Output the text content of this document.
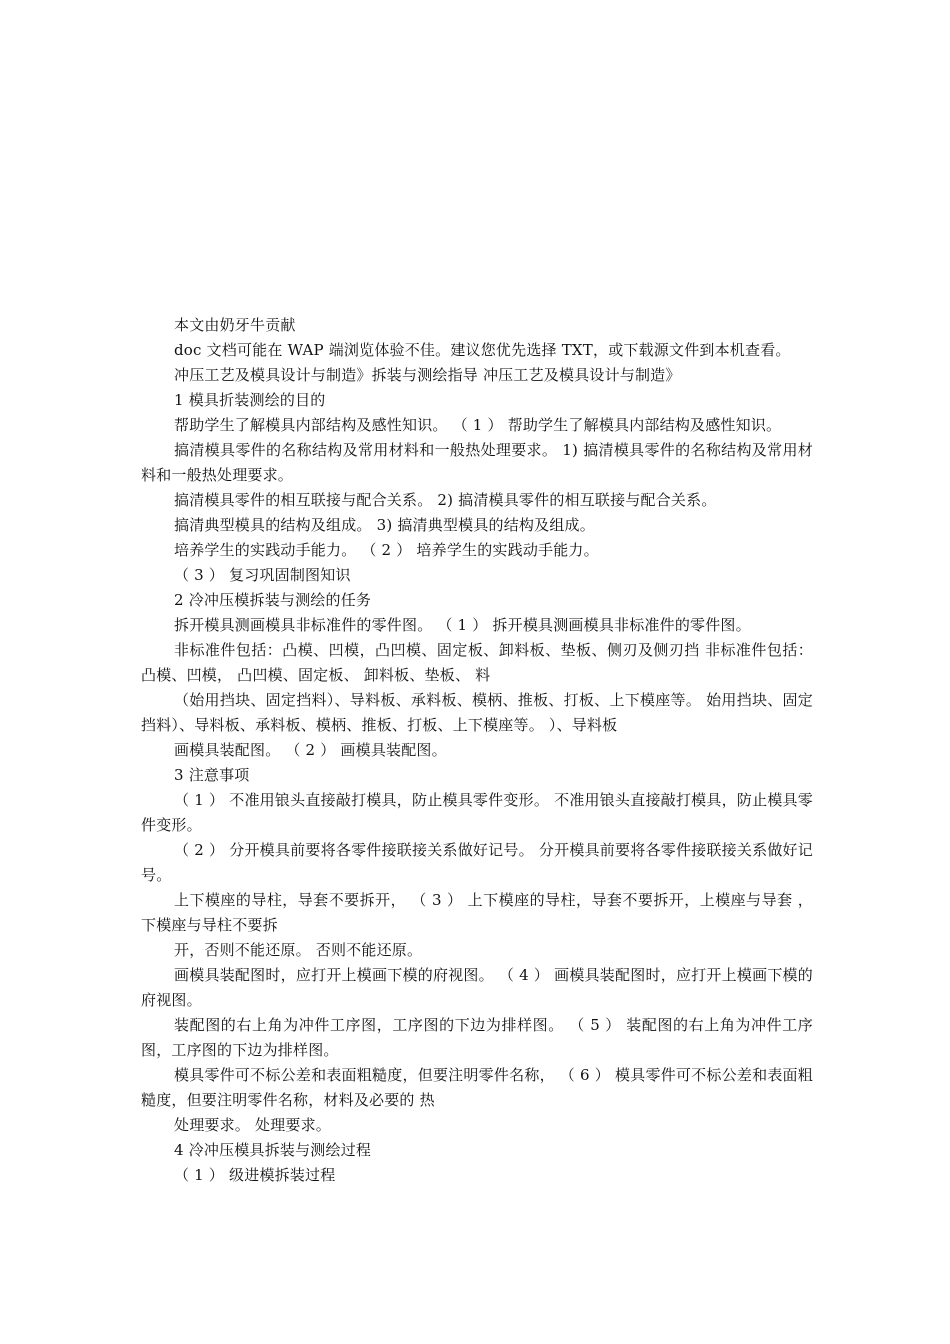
本文由奶牙牛贡献

doc 文档可能在 WAP 端浏览体验不佳。建议您优先选择 TXT，或下载源文件到本机查看。

冲压工艺及模具设计与制造》拆装与测绘指导 冲压工艺及模具设计与制造》

1 模具折装测绘的目的

帮助学生了解模具内部结构及感性知识。 （ 1 ） 帮助学生了解模具内部结构及感性知识。

搞清模具零件的名称结构及常用材料和一般热处理要求。 1) 搞清模具零件的名称结构及常用材料和一般热处理要求。

搞清模具零件的相互联接与配合关系。 2) 搞清模具零件的相互联接与配合关系。

搞清典型模具的结构及组成。 3) 搞清典型模具的结构及组成。

培养学生的实践动手能力。 （ 2 ） 培养学生的实践动手能力。

（ 3 ） 复习巩固制图知识

2 冷冲压模拆装与测绘的任务

拆开模具测画模具非标准件的零件图。 （ 1 ） 拆开模具测画模具非标准件的零件图。

非标准件包括：凸模、凹模，凸凹模、固定板、卸料板、垫板、侧刃及侧刃挡 非标准件包括：凸模、凹模， 凸凹模、固定板、 卸料板、垫板、 料

（始用挡块、固定挡料）、导料板、承料板、模柄、推板、打板、上下模座等。 始用挡块、固定挡料）、导料板、承料板、模柄、推板、打板、上下模座等。 ）、导料板

画模具装配图。 （ 2 ） 画模具装配图。

3 注意事项

（ 1 ） 不准用锒头直接敲打模具，防止模具零件变形。 不准用锒头直接敲打模具，防止模具零件变形。

（ 2 ） 分开模具前要将各零件接联接关系做好记号。 分开模具前要将各零件接联接关系做好记号。

上下模座的导柱，导套不要拆开， （ 3 ） 上下模座的导柱，导套不要拆开，上模座与导套 ，下模座与导柱不要拆

开，否则不能还原。 否则不能还原。

画模具装配图时，应打开上模画下模的府视图。 （ 4 ） 画模具装配图时，应打开上模画下模的府视图。

装配图的右上角为冲件工序图，工序图的下边为排样图。 （ 5 ） 装配图的右上角为冲件工序图，工序图的下边为排样图。

模具零件可不标公差和表面粗糙度，但要注明零件名称， （ 6 ） 模具零件可不标公差和表面粗糙度，但要注明零件名称，材料及必要的 热

处理要求。 处理要求。

4 冷冲压模具拆装与测绘过程

（ 1 ） 级进模拆装过程
